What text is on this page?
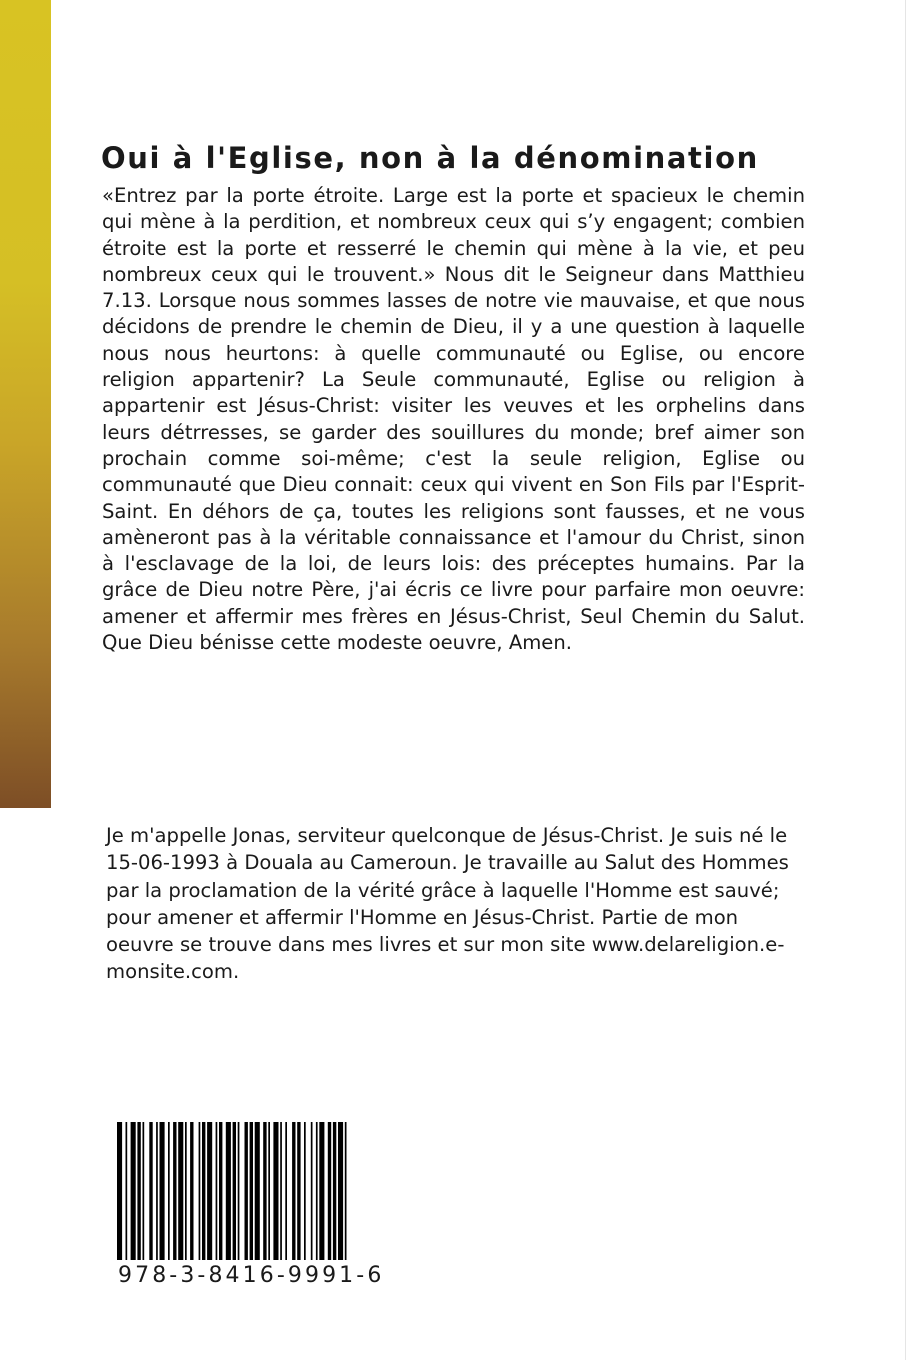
Oui à l'Eglise, non à la dénomination

«Entrez par la porte étroite. Large est la porte et spacieux le chemin qui mène à la perdition, et nombreux ceux qui s’y engagent; combien étroite est la porte et resserré le chemin qui mène à la vie, et peu nombreux ceux qui le trouvent.» Nous dit le Seigneur dans Matthieu 7.13. Lorsque nous sommes lasses de notre vie mauvaise, et que nous décidons de prendre le chemin de Dieu, il y a une question à laquelle nous nous heurtons: à quelle communauté ou Eglise, ou encore religion appartenir? La Seule communauté, Eglise ou religion à appartenir est Jésus-Christ: visiter les veuves et les orphelins dans leurs détrresses, se garder des souillures du monde; bref aimer son prochain comme soi-même; c'est la seule religion, Eglise ou communauté que Dieu connait: ceux qui vivent en Son Fils par l'Esprit-Saint. En déhors de ça, toutes les religions sont fausses, et ne vous amèneront pas à la véritable connaissance et l'amour du Christ, sinon à l'esclavage de la loi, de leurs lois: des préceptes humains. Par la grâce de Dieu notre Père, j'ai écris ce livre pour parfaire mon oeuvre: amener et affermir mes frères en Jésus-Christ, Seul Chemin du Salut. Que Dieu bénisse cette modeste oeuvre, Amen.

Je m'appelle Jonas, serviteur quelconque de Jésus-Christ. Je suis né le 15-06-1993 à Douala au Cameroun. Je travaille au Salut des Hommes par la proclamation de la vérité grâce à laquelle l'Homme est sauvé; pour amener et affermir l'Homme en Jésus-Christ. Partie de mon oeuvre se trouve dans mes livres et sur mon site www.delareligion.e-monsite.com.

978-3-8416-9991-6
